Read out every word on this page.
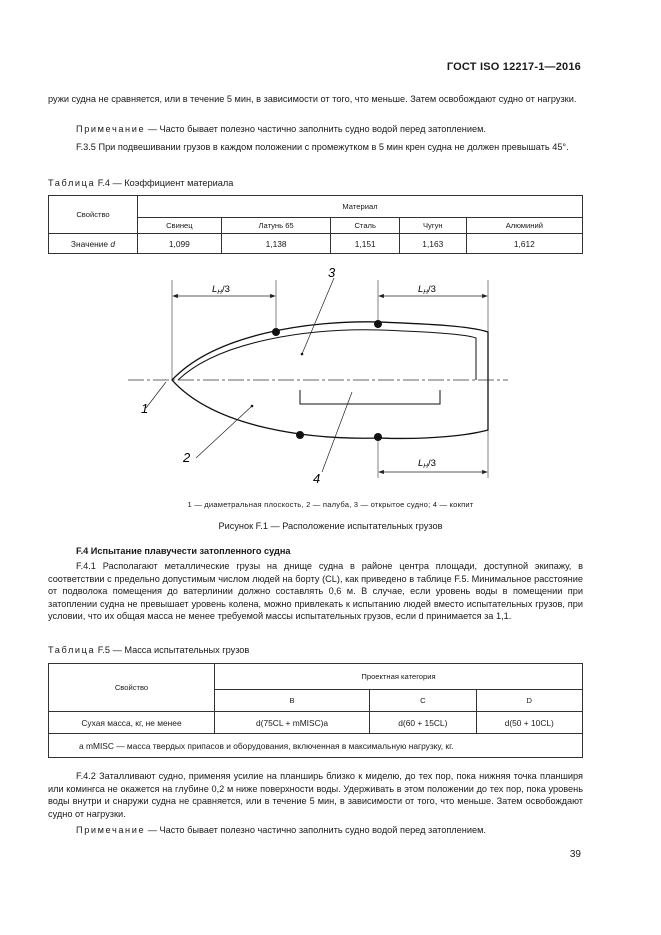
ГОСТ ISO 12217-1—2016
ружи судна не сравняется, или в течение 5 мин, в зависимости от того, что меньше. Затем освобождают судно от нагрузки.
Примечание — Часто бывает полезно частично заполнить судно водой перед затоплением.
F.3.5 При подвешивании грузов в каждом положении с промежутком в 5 мин крен судна не должен превышать 45°.
Таблица F.4 — Коэффициент материала
Свойство	Материал				
	Свинец	Латунь 65	Сталь	Чугун	Алюминий
Значение d	1,099	1,138	1,151	1,163	1,612
$L_H/3$	$L_H/3$
$L_H/3$
1
2
3
4
1 — диаметральная плоскость, 2 — палуба, 3 — открытое судно; 4 — кокпит
Рисунок F.1 — Расположение испытательных грузов
F.4 Испытание плавучести затопленного судна
F.4.1 Располагают металлические грузы на днище судна в районе центра площади, доступной экипажу, в соответствии с предельно допустимым числом людей на борту (CL), как приведено в таблице F.5. Минимальное расстояние от подволока помещения до ватерлинии должно составлять 0,6 м. В случае, если уровень воды в помещении при затоплении судна не превышает уровень колена, можно привлекать к испытанию людей вместо испытательных грузов, при условии, что их общая масса не менее требуемой массы испытательных грузов, если d принимается за 1,1.
Таблица F.5 — Масса испытательных грузов
Свойство	Проектная категория		
	B	C	D
Сухая масса, кг, не менее	d(75CL + mMISC)a	d(60 + 15CL)	d(50 + 10CL)
a mMISC — масса твердых припасов и оборудования, включенная в максимальную нагрузку, кг.			
F.4.2 Заталливают судно, применяя усилие на планширь близко к миделю, до тех пор, пока нижняя точка планширя или комингса не окажется на глубине 0,2 м ниже поверхности воды. Удерживать в этом положении до тех пор, пока уровень воды внутри и снаружи судна не сравняется, или в течение 5 мин, в зависимости от того, что меньше. Затем освобождают судно от нагрузки.
Примечание — Часто бывает полезно частично заполнить судно водой перед затоплением.
39
